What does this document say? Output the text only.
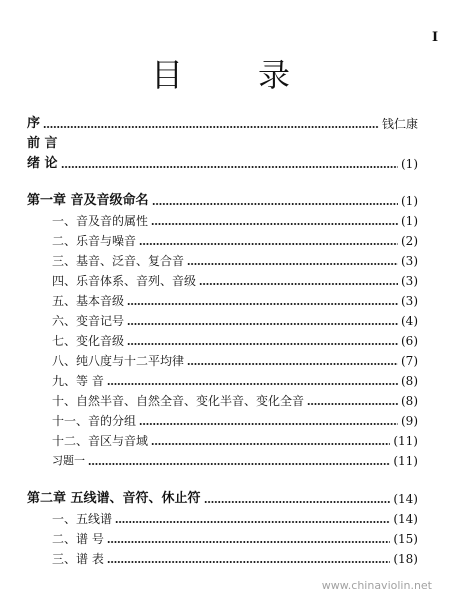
I
目 录
序	钱仁康
前 言
绪 论	(1)
第一章 音及音级命名	(1)
一、音及音的属性	(1)
二、乐音与噪音	(2)
三、基音、泛音、复合音	(3)
四、乐音体系、音列、音级	(3)
五、基本音级	(3)
六、变音记号	(4)
七、变化音级	(6)
八、纯八度与十二平均律	(7)
九、等 音	(8)
十、自然半音、自然全音、变化半音、变化全音	(8)
十一、音的分组	(9)
十二、音区与音域	(11)
习题一	(11)
第二章 五线谱、音符、休止符	(14)
一、五线谱	(14)
二、谱 号	(15)
三、谱 表	(18)
www.chinaviolin.net
